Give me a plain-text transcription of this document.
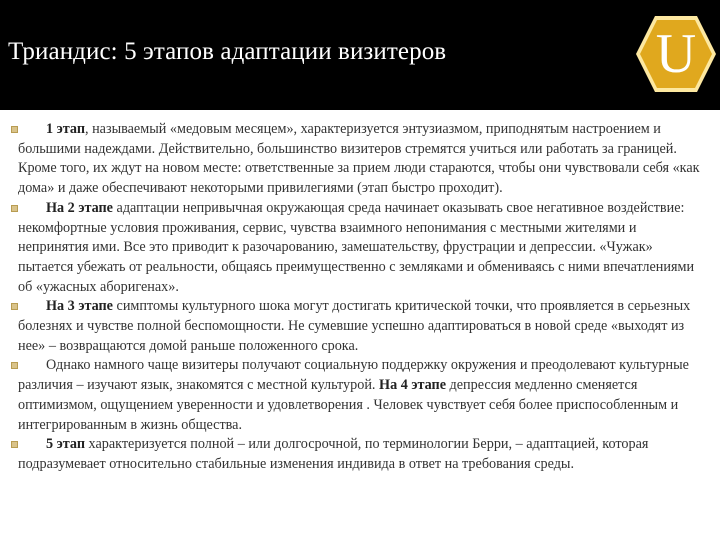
Триандис: 5 этапов адаптации визитеров	U

1 этап, называемый «медовым месяцем», характеризуется энтузиазмом, приподнятым настроением и большими надеждами. Действительно, большинство визитеров стремятся учиться или работать за границей. Кроме того, их ждут на новом месте: ответственные за прием люди стараются, чтобы они чувствовали себя «как дома» и даже обеспечивают некоторыми привилегиями (этап быстро проходит).

На 2 этапе адаптации непривычная окружающая среда начинает оказывать свое негативное воздействие: некомфортные условия проживания, сервис, чувства взаимного непонимания с местными жителями и непринятия ими. Все это приводит к разочарованию, замешательству, фрустрации и депрессии. «Чужак» пытается убежать от реальности, общаясь преимущественно с земляками и обмениваясь с ними впечатлениями об «ужасных аборигенах».

На 3 этапе симптомы культурного шока могут достигать критической точки, что проявляется в серьезных болезнях и чувстве полной беспомощности. Не сумевшие успешно адаптироваться в новой среде «выходят из нее» – возвращаются домой раньше положенного срока.

Однако намного чаще визитеры получают социальную поддержку окружения и преодолевают культурные различия – изучают язык, знакомятся с местной культурой. На 4 этапе депрессия медленно сменяется оптимизмом, ощущением уверенности и удовлетворения . Человек чувствует себя более приспособленным и интегрированным в жизнь общества.

5 этап характеризуется полной – или долгосрочной, по терминологии Берри, – адаптацией, которая подразумевает относительно стабильные изменения индивида в ответ на требования среды.
